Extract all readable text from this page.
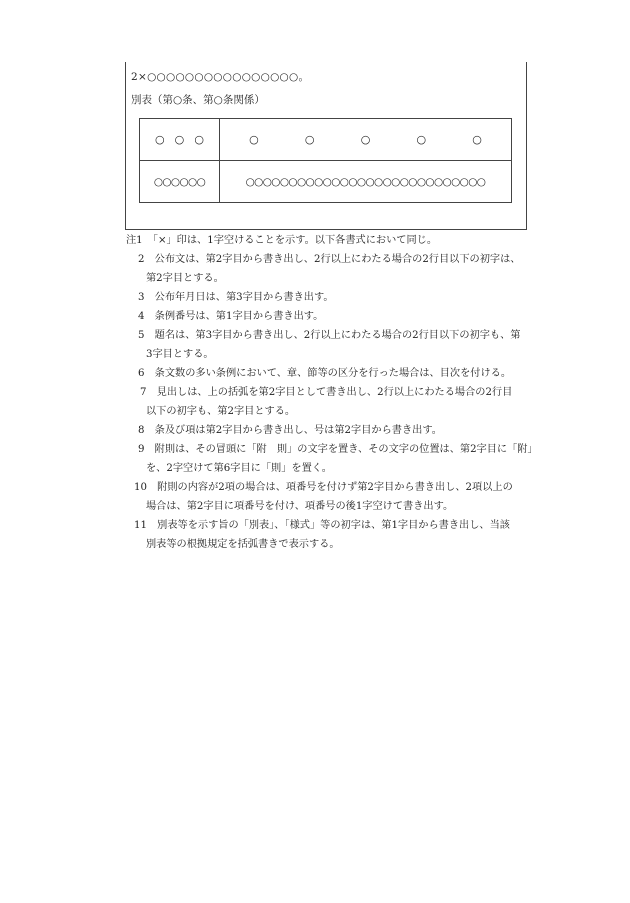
2×○○○○○○○○○○○○○○○○。
別表（第○条、第○条関係）
○ ○ ○	○ ○ ○ ○ ○

○○○○○○	○○○○○○○○○○○○○○○○○○○○○○○○○○○○
注1　「×」印は、1字空けることを示す。以下各書式において同じ。
2　公布文は、第2字目から書き出し、2行以上にわたる場合の2行目以下の初字は、
第2字目とする。
3　公布年月日は、第3字目から書き出す。
4　条例番号は、第1字目から書き出す。
5　題名は、第3字目から書き出し、2行以上にわたる場合の2行目以下の初字も、第
3字目とする。
6　条文数の多い条例において、章、節等の区分を行った場合は、目次を付ける。
7　見出しは、上の括弧を第2字目として書き出し、2行以上にわたる場合の2行目
以下の初字も、第2字目とする。
8　条及び項は第2字目から書き出し、号は第2字目から書き出す。
9　附則は、その冒頭に「附　則」の文字を置き、その文字の位置は、第2字目に「附」
を、2字空けて第6字目に「則」を置く。
10　附則の内容が2項の場合は、項番号を付けず第2字目から書き出し、2項以上の
場合は、第2字目に項番号を付け、項番号の後1字空けて書き出す。
11　別表等を示す旨の「別表」、「様式」等の初字は、第1字目から書き出し、当該
別表等の根拠規定を括弧書きで表示する。
